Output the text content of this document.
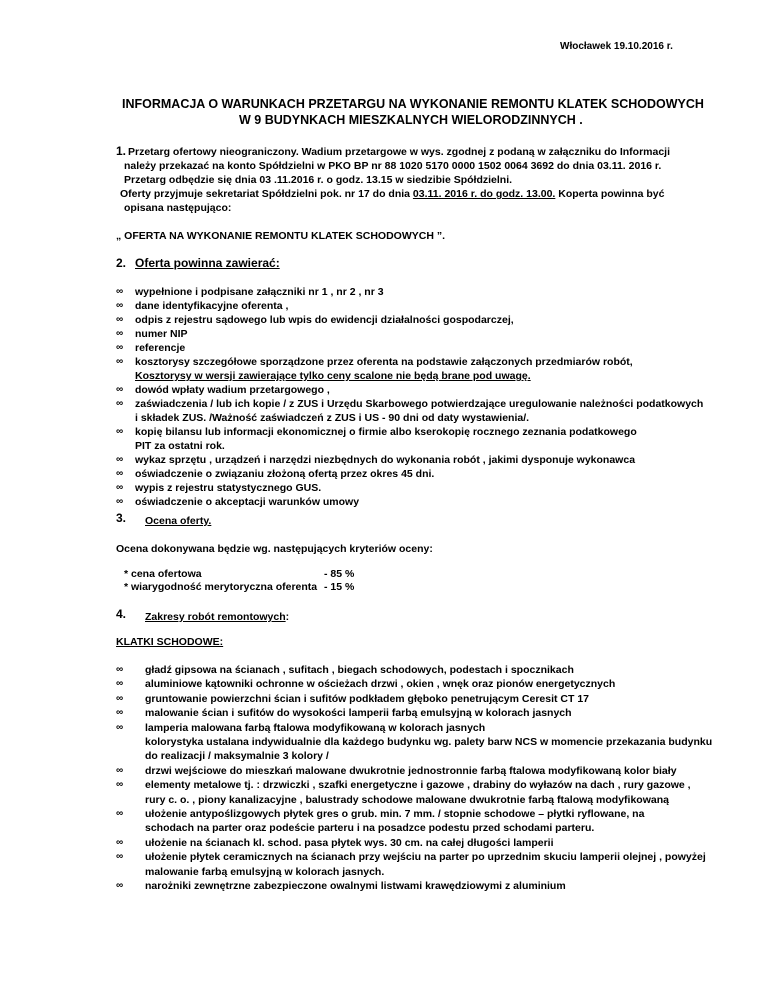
Włocławek 19.10.2016 r.
INFORMACJA O WARUNKACH PRZETARGU NA WYKONANIE REMONTU KLATEK SCHODOWYCH
W 9 BUDYNKACH MIESZKALNYCH WIELORODZINNYCH .
1. Przetarg ofertowy nieograniczony. Wadium przetargowe w wys. zgodnej z podaną w załączniku do Informacji
należy przekazać na konto Spółdzielni w PKO BP nr 88 1020 5170 0000 1502 0064 3692 do dnia 03.11. 2016 r.
Przetarg odbędzie się dnia 03 .11.2016 r. o godz. 13.15 w siedzibie Spółdzielni.
Oferty przyjmuje sekretariat Spółdzielni pok. nr 17 do dnia 03.11. 2016 r. do godz. 13.00. Koperta powinna być
opisana następująco:
„ OFERTA NA WYKONANIE REMONTU KLATEK SCHODOWYCH ”.
2. Oferta powinna zawierać:
∞ wypełnione i podpisane załączniki nr 1 , nr 2 , nr 3
∞ dane identyfikacyjne oferenta ,
∞ odpis z rejestru sądowego lub wpis do ewidencji działalności gospodarczej,
∞ numer NIP
∞ referencje
∞ kosztorysy szczegółowe sporządzone przez oferenta na podstawie załączonych przedmiarów robót,
Kosztorysy w wersji zawierające tylko ceny scalone nie będą brane pod uwagę.
∞ dowód wpłaty wadium przetargowego ,
∞ zaświadczenia / lub ich kopie / z ZUS i Urzędu Skarbowego potwierdzające uregulowanie należności podatkowych
i składek ZUS. /Ważność zaświadczeń z ZUS i US - 90 dni od daty wystawienia/.
∞ kopię bilansu lub informacji ekonomicznej o firmie albo kserokopię rocznego zeznania podatkowego
PIT za ostatni rok.
∞ wykaz sprzętu , urządzeń i narzędzi niezbędnych do wykonania robót , jakimi dysponuje wykonawca
∞ oświadczenie o związaniu złożoną ofertą przez okres 45 dni.
∞ wypis z rejestru statystycznego GUS.
∞ oświadczenie o akceptacji warunków umowy
3. Ocena oferty.
Ocena dokonywana będzie wg. następujących kryteriów oceny:
* cena ofertowa	- 85 %
* wiarygodność merytoryczna oferenta - 15 %
4. Zakresy robót remontowych:
KLATKI SCHODOWE:
∞ gładź gipsowa na ścianach , sufitach , biegach schodowych, podestach i spocznikach
∞ aluminiowe kątowniki ochronne w ościeżach drzwi , okien , wnęk oraz pionów energetycznych
∞ gruntowanie powierzchni ścian i sufitów podkładem głęboko penetrującym Ceresit CT 17
∞ malowanie ścian i sufitów do wysokości lamperii farbą emulsyjną w kolorach jasnych
∞ lamperia malowana farbą ftalowa modyfikowaną w kolorach jasnych
kolorystyka ustalana indywidualnie dla każdego budynku wg. palety barw NCS w momencie przekazania budynku
do realizacji / maksymalnie 3 kolory /
∞ drzwi wejściowe do mieszkań malowane dwukrotnie jednostronnie farbą ftalowa modyfikowaną kolor biały
∞ elementy metalowe tj. : drzwiczki , szafki energetyczne i gazowe , drabiny do wyłazów na dach , rury gazowe ,
rury c. o. , piony kanalizacyjne , balustrady schodowe malowane dwukrotnie farbą ftalową modyfikowaną
∞ ułożenie antypoślizgowych płytek gres o grub. min. 7 mm. / stopnie schodowe – płytki ryflowane, na
schodach na parter oraz podeście parteru i na posadzce podestu przed schodami parteru.
∞ ułożenie na ścianach kl. schod. pasa płytek wys. 30 cm. na całej długości lamperii
∞ ułożenie płytek ceramicznych na ścianach przy wejściu na parter po uprzednim skuciu lamperii olejnej , powyżej
malowanie farbą emulsyjną w kolorach jasnych.
∞ narożniki zewnętrzne zabezpieczone owalnymi listwami krawędziowymi z aluminium
